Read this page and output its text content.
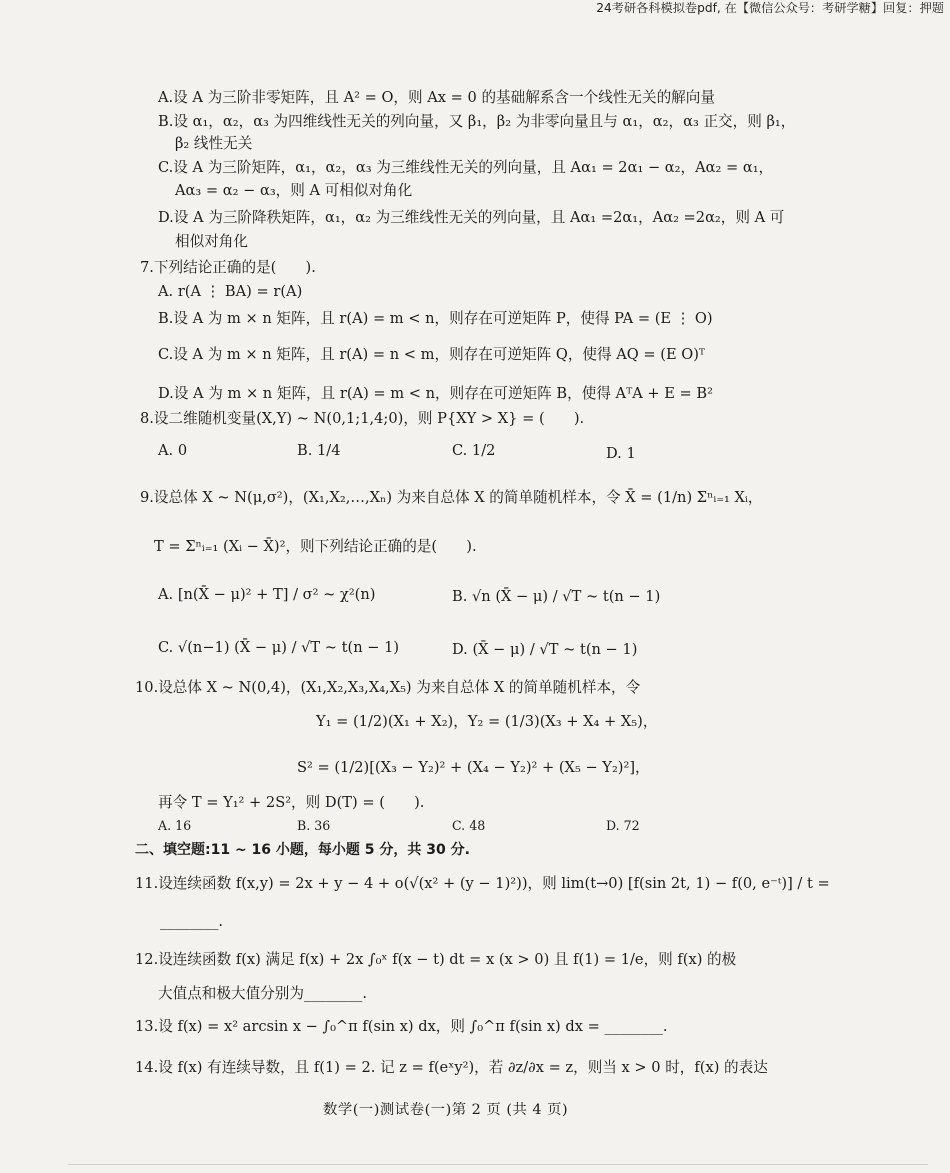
24考研各科模拟卷pdf, 在【微信公众号：考研学糖】回复：押题
A.设 A 为三阶非零矩阵，且 A² = O，则 Ax = 0 的基础解系含一个线性无关的解向量
B.设 α₁，α₂，α₃ 为四维线性无关的列向量，又 β₁，β₂ 为非零向量且与 α₁，α₂，α₃ 正交，则 β₁，
β₂ 线性无关
C.设 A 为三阶矩阵，α₁，α₂，α₃ 为三维线性无关的列向量，且 Aα₁ = 2α₁ − α₂，Aα₂ = α₁，
Aα₃ = α₂ − α₃，则 A 可相似对角化
D.设 A 为三阶降秩矩阵，α₁，α₂ 为三维线性无关的列向量，且 Aα₁ =2α₁，Aα₂ =2α₂，则 A 可
相似对角化
7.下列结论正确的是(　　).
A. r(A ⋮ BA) = r(A)
B.设 A 为 m × n 矩阵，且 r(A) = m < n，则存在可逆矩阵 P，使得 PA = (E ⋮ O)
C.设 A 为 m × n 矩阵，且 r(A) = n < m，则存在可逆矩阵 Q，使得 AQ = (E O)ᵀ
D.设 A 为 m × n 矩阵，且 r(A) = m < n，则存在可逆矩阵 B，使得 AᵀA + E = B²
8.设二维随机变量(X,Y) ~ N(0,1;1,4;0)，则 P{XY > X} = (　　).
A. 0	B. 1/4	C. 1/2	D. 1
9.设总体 X ~ N(μ,σ²)，(X₁,X₂,…,Xₙ) 为来自总体 X 的简单随机样本，令 X̄ = (1/n) Σⁿᵢ₌₁ Xᵢ，
T = Σⁿᵢ₌₁ (Xᵢ − X̄)²，则下列结论正确的是(　　).
A. [n(X̄ − μ)² + T] / σ² ~ χ²(n)	B. √n (X̄ − μ) / √T ~ t(n − 1)
C. √(n−1) (X̄ − μ) / √T ~ t(n − 1)	D. (X̄ − μ) / √T ~ t(n − 1)
10.设总体 X ~ N(0,4)，(X₁,X₂,X₃,X₄,X₅) 为来自总体 X 的简单随机样本，令
Y₁ = (1/2)(X₁ + X₂)，Y₂ = (1/3)(X₃ + X₄ + X₅)，
S² = (1/2)[(X₃ − Y₂)² + (X₄ − Y₂)² + (X₅ − Y₂)²]，
再令 T = Y₁² + 2S²，则 D(T) = (　　).
A. 16	B. 36	C. 48	D. 72
二、填空题:11 ~ 16 小题，每小题 5 分，共 30 分.
11.设连续函数 f(x,y) = 2x + y − 4 + o(√(x² + (y − 1)²))，则 lim(t→0) [f(sin 2t, 1) − f(0, e⁻ᵗ)] / t =
________.
12.设连续函数 f(x) 满足 f(x) + 2x ∫₀ˣ f(x − t) dt = x (x > 0) 且 f(1) = 1/e，则 f(x) 的极
大值点和极大值分别为________.
13.设 f(x) = x² arcsin x − ∫₀^π f(sin x) dx，则 ∫₀^π f(sin x) dx = ________.
14.设 f(x) 有连续导数，且 f(1) = 2. 记 z = f(eˣy²)，若 ∂z/∂x = z，则当 x > 0 时，f(x) 的表达
数学(一)测试卷(一)第 2 页 (共 4 页)
